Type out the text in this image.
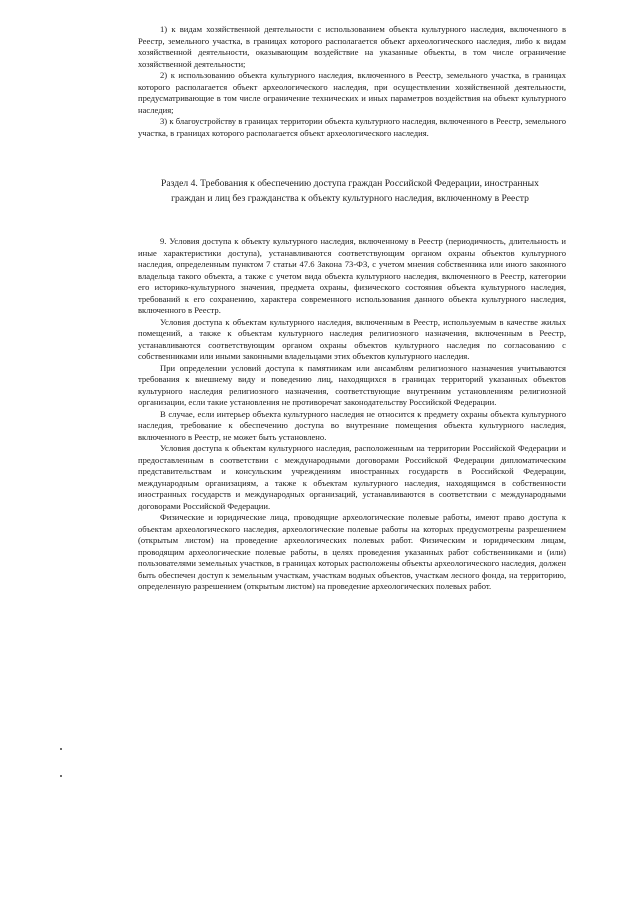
1) к видам хозяйственной деятельности с использованием объекта культурного наследия, включенного в Реестр, земельного участка, в границах которого располагается объект археологического наследия, либо к видам хозяйственной деятельности, оказывающим воздействие на указанные объекты, в том числе ограничение хозяйственной деятельности;

2) к использованию объекта культурного наследия, включенного в Реестр, земельного участка, в границах которого располагается объект археологического наследия, при осуществлении хозяйственной деятельности, предусматривающие в том числе ограничение технических и иных параметров воздействия на объект культурного наследия;

3) к благоустройству в границах территории объекта культурного наследия, включенного в Реестр, земельного участка, в границах которого располагается объект археологического наследия.

Раздел 4. Требования к обеспечению доступа граждан Российской Федерации, иностранных граждан и лиц без гражданства к объекту культурного наследия, включенному в Реестр

9. Условия доступа к объекту культурного наследия, включенному в Реестр (периодичность, длительность и иные характеристики доступа), устанавливаются соответствующим органом охраны объектов культурного наследия, определенным пунктом 7 статьи 47.6 Закона 73-ФЗ, с учетом мнения собственника или иного законного владельца такого объекта, а также с учетом вида объекта культурного наследия, включенного в Реестр, категории его историко-культурного значения, предмета охраны, физического состояния объекта культурного наследия, требований к его сохранению, характера современного использования данного объекта культурного наследия, включенного в Реестр.

Условия доступа к объектам культурного наследия, включенным в Реестр, используемым в качестве жилых помещений, а также к объектам культурного наследия религиозного назначения, включенным в Реестр, устанавливаются соответствующим органом охраны объектов культурного наследия по согласованию с собственниками или иными законными владельцами этих объектов культурного наследия.

При определении условий доступа к памятникам или ансамблям религиозного назначения учитываются требования к внешнему виду и поведению лиц, находящихся в границах территорий указанных объектов культурного наследия религиозного назначения, соответствующие внутренним установлениям религиозной организации, если такие установления не противоречат законодательству Российской Федерации.

В случае, если интерьер объекта культурного наследия не относится к предмету охраны объекта культурного наследия, требование к обеспечению доступа во внутренние помещения объекта культурного наследия, включенного в Реестр, не может быть установлено.

Условия доступа к объектам культурного наследия, расположенным на территории Российской Федерации и предоставленным в соответствии с международными договорами Российской Федерации дипломатическим представительствам и консульским учреждениям иностранных государств в Российской Федерации, международным организациям, а также к объектам культурного наследия, находящимся в собственности иностранных государств и международных организаций, устанавливаются в соответствии с международными договорами Российской Федерации.

Физические и юридические лица, проводящие археологические полевые работы, имеют право доступа к объектам археологического наследия, археологические полевые работы на которых предусмотрены разрешением (открытым листом) на проведение археологических полевых работ. Физическим и юридическим лицам, проводящим археологические полевые работы, в целях проведения указанных работ собственниками и (или) пользователями земельных участков, в границах которых расположены объекты археологического наследия, должен быть обеспечен доступ к земельным участкам, участкам водных объектов, участкам лесного фонда, на территорию, определенную разрешением (открытым листом) на проведение археологических полевых работ.
